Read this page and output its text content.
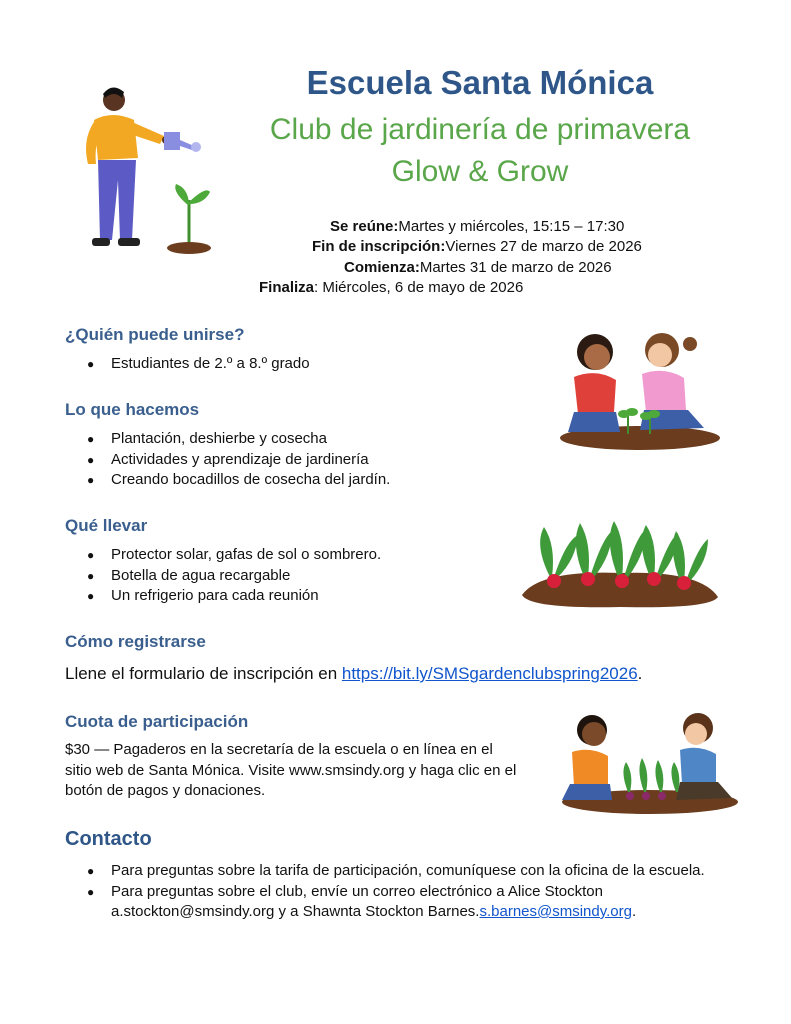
Escuela Santa Mónica
Club de jardinería de primavera
Glow & Grow
Se reúne:Martes y miércoles, 15:15 – 17:30
Fin de inscripción:Viernes 27 de marzo de 2026
Comienza:Martes 31 de marzo de 2026
Finaliza: Miércoles, 6 de mayo de 2026
¿Quién puede unirse?
● Estudiantes de 2.º a 8.º grado
Lo que hacemos
● Plantación, deshierbe y cosecha
● Actividades y aprendizaje de jardinería
● Creando bocadillos de cosecha del jardín.
Qué llevar
● Protector solar, gafas de sol o sombrero.
● Botella de agua recargable
● Un refrigerio para cada reunión
Cómo registrarse
Llene el formulario de inscripción en https://bit.ly/SMSgardenclubspring2026.
Cuota de participación
$30 — Pagaderos en la secretaría de la escuela o en línea en el
sitio web de Santa Mónica. Visite www.smsindy.org y haga clic en el
botón de pagos y donaciones.
Contacto
● Para preguntas sobre la tarifa de participación, comuníquese con la oficina de la escuela.
● Para preguntas sobre el club, envíe un correo electrónico a Alice Stockton
a.stockton@smsindy.org y a Shawnta Stockton Barnes.s.barnes@smsindy.org.
